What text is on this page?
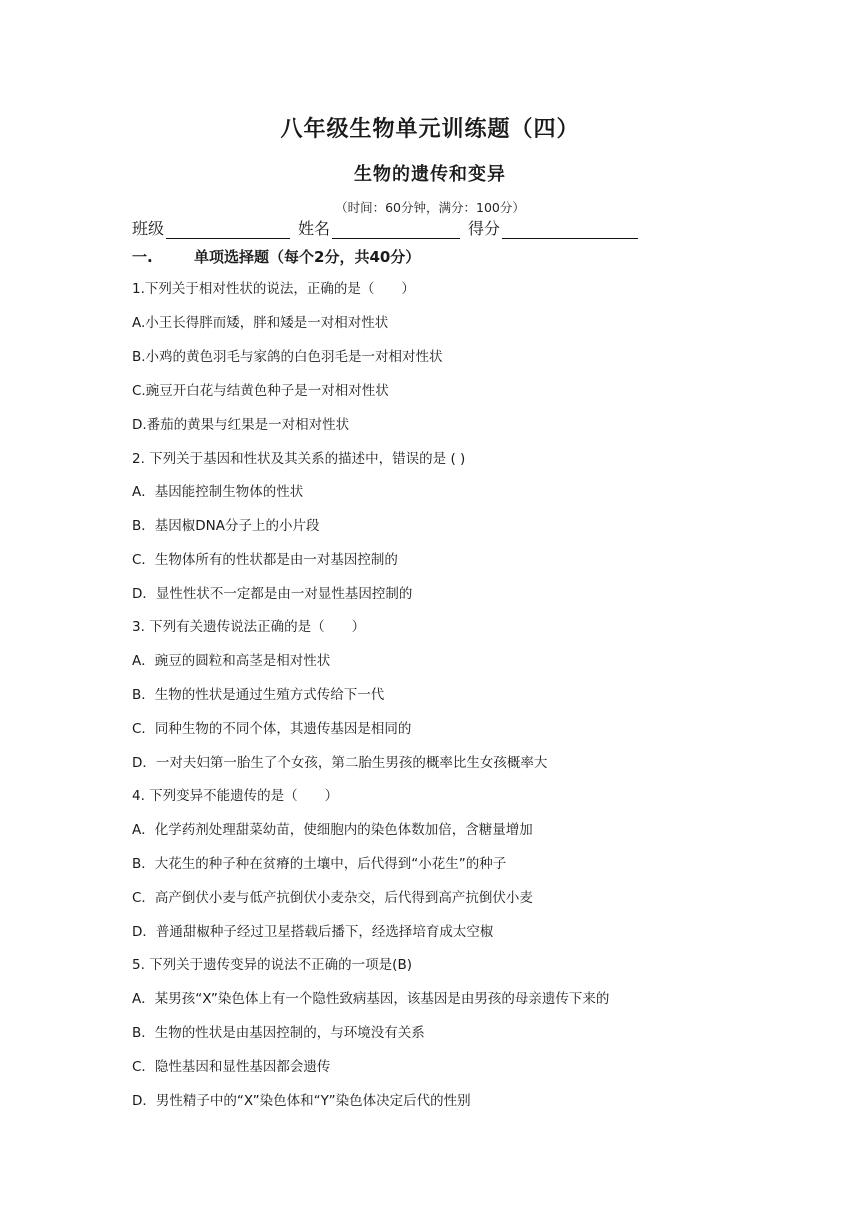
八年级生物单元训练题（四）
生物的遗传和变异
（时间：60分钟，满分：100分）
班级	姓名	得分
一.	单项选择题（每个2分，共40分）
1.下列关于相对性状的说法，正确的是（　　）
A.小王长得胖而矮，胖和矮是一对相对性状
B.小鸡的黄色羽毛与家鸽的白色羽毛是一对相对性状
C.豌豆开白花与结黄色种子是一对相对性状
D.番茄的黄果与红果是一对相对性状
2. 下列关于基因和性状及其关系的描述中，错误的是 ( )
A．基因能控制生物体的性状
B．基因椒DNA分子上的小片段
C．生物体所有的性状都是由一对基因控制的
D．显性性状不一定都是由一对显性基因控制的
3. 下列有关遗传说法正确的是（　　）
A．豌豆的圆粒和高茎是相对性状
B．生物的性状是通过生殖方式传给下一代
C．同种生物的不同个体，其遗传基因是相同的
D．一对夫妇第一胎生了个女孩，第二胎生男孩的概率比生女孩概率大
4. 下列变异不能遗传的是（　　）
A．化学药剂处理甜菜幼苗，使细胞内的染色体数加倍，含糖量增加
B．大花生的种子种在贫瘠的土壤中，后代得到“小花生”的种子
C．高产倒伏小麦与低产抗倒伏小麦杂交，后代得到高产抗倒伏小麦
D．普通甜椒种子经过卫星搭载后播下，经选择培育成太空椒
5. 下列关于遗传变异的说法不正确的一项是(B)
A．某男孩“X”染色体上有一个隐性致病基因，该基因是由男孩的母亲遗传下来的
B．生物的性状是由基因控制的，与环境没有关系
C．隐性基因和显性基因都会遗传
D．男性精子中的“X”染色体和“Y”染色体决定后代的性别
